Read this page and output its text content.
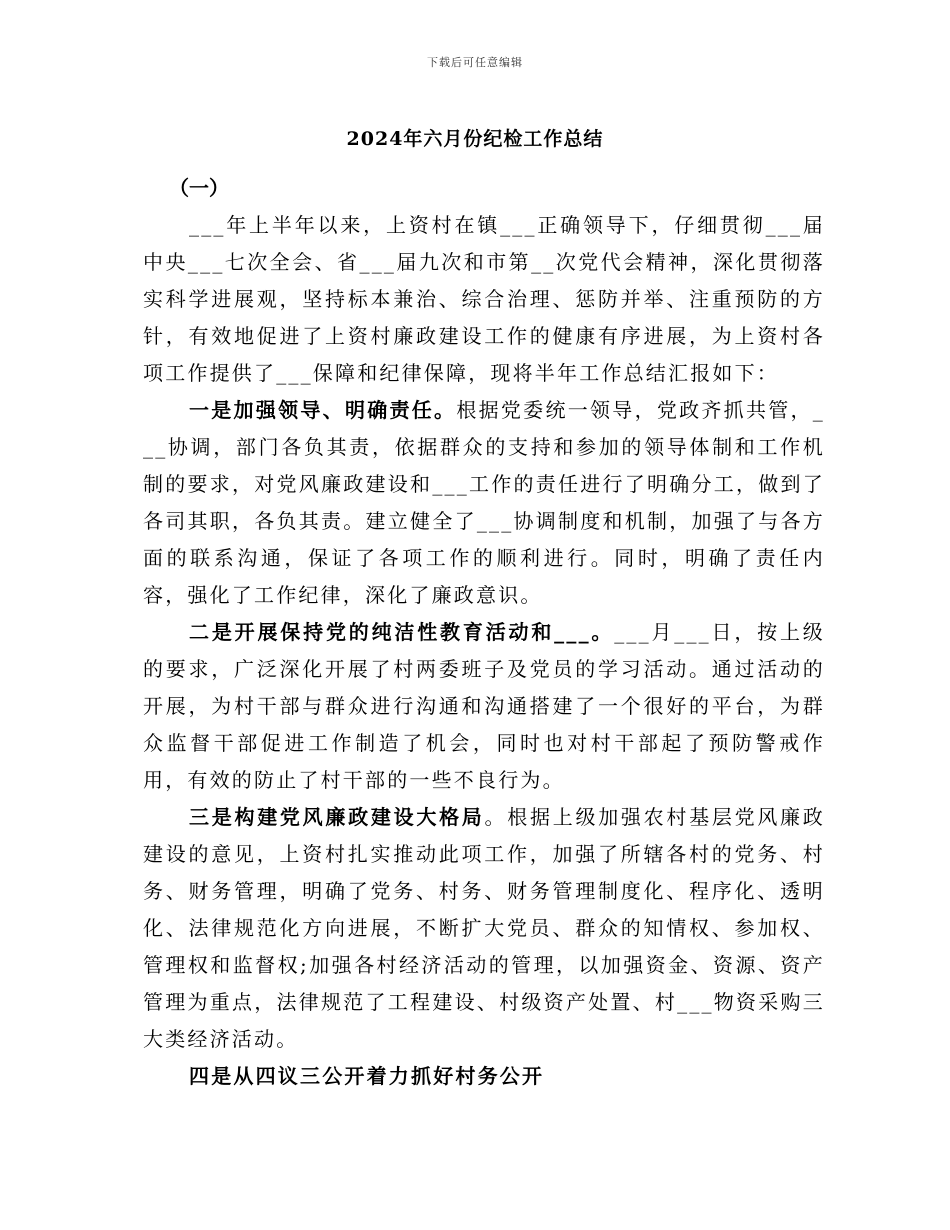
下载后可任意编辑
2024年六月份纪检工作总结

（一）

___年上半年以来，上资村在镇___正确领导下，仔细贯彻___届中央___七次全会、省___届九次和市第__次党代会精神，深化贯彻落实科学进展观，坚持标本兼治、综合治理、惩防并举、注重预防的方针，有效地促进了上资村廉政建设工作的健康有序进展，为上资村各项工作提供了___保障和纪律保障，现将半年工作总结汇报如下：

一是加强领导、明确责任。根据党委统一领导，党政齐抓共管，___协调，部门各负其责，依据群众的支持和参加的领导体制和工作机制的要求，对党风廉政建设和___工作的责任进行了明确分工，做到了各司其职，各负其责。建立健全了___协调制度和机制，加强了与各方面的联系沟通，保证了各项工作的顺利进行。同时，明确了责任内容，强化了工作纪律，深化了廉政意识。

二是开展保持党的纯洁性教育活动和___。___月___日，按上级的要求，广泛深化开展了村两委班子及党员的学习活动。通过活动的开展，为村干部与群众进行沟通和沟通搭建了一个很好的平台，为群众监督干部促进工作制造了机会，同时也对村干部起了预防警戒作用，有效的防止了村干部的一些不良行为。

三是构建党风廉政建设大格局。根据上级加强农村基层党风廉政建设的意见，上资村扎实推动此项工作，加强了所辖各村的党务、村务、财务管理，明确了党务、村务、财务管理制度化、程序化、透明化、法律规范化方向进展，不断扩大党员、群众的知情权、参加权、管理权和监督权;加强各村经济活动的管理，以加强资金、资源、资产管理为重点，法律规范了工程建设、村级资产处置、村___物资采购三大类经济活动。

四是从四议三公开着力抓好村务公开
